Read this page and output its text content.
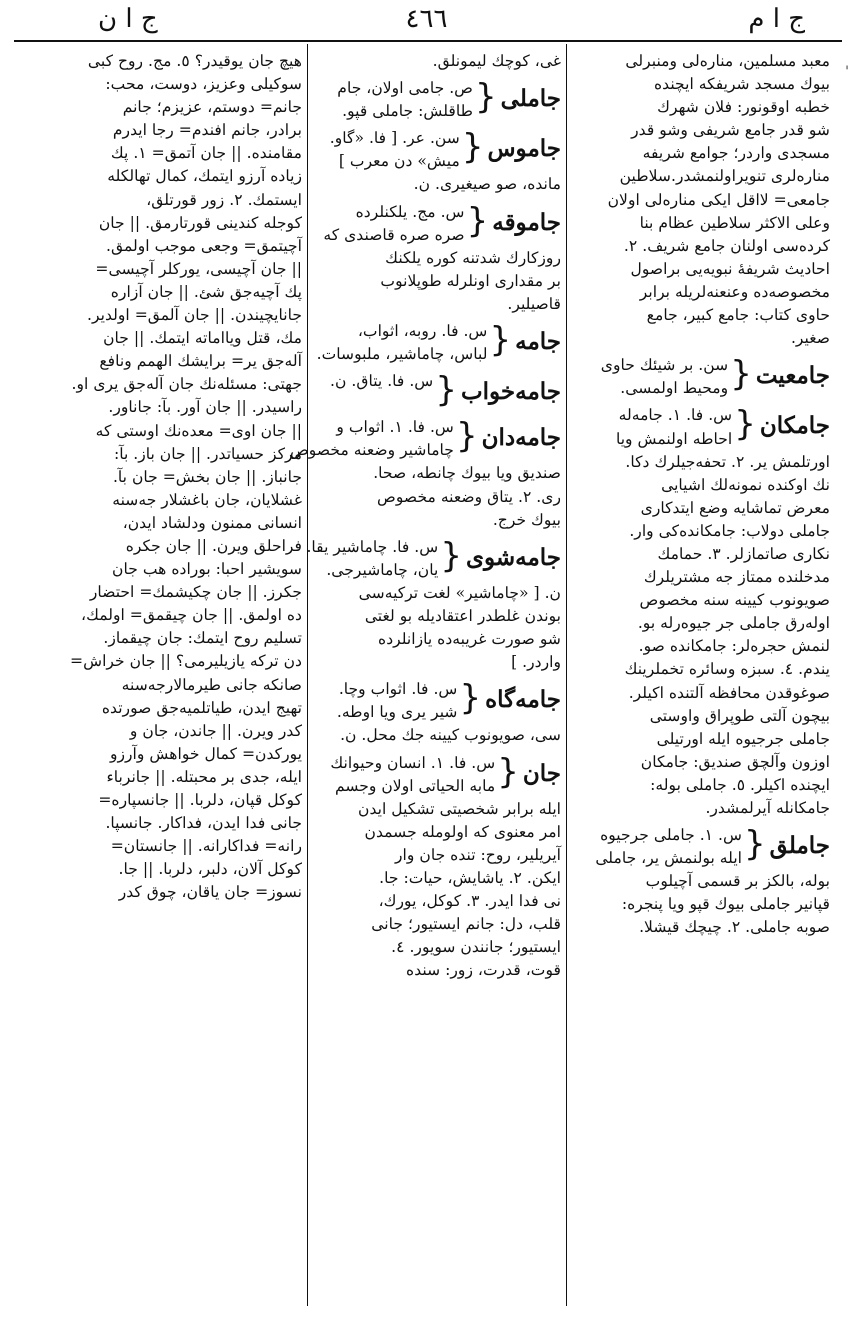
ج ا م
٤٦٦
ج ا ن
'
معبد مسلمین، منارەلی ومنبرلی
بیوك مسجد شریفکە ایچندە
خطبە اوقونور: فلان شهرك
شو قدر جامع شریفی وشو قدر
مسجدی واردر؛ جوامع شریفە
منارەلری تنویراولنمشدر.سلاطین
جامعی= لااقل ایکی منارەلی اولان
وعلی الاکثر سلاطین عظام بنا
کردەسی اولنان جامع شریف. ٢.
احادیث شریفۀ نبویەیی براصول
مخصوصەدە وعنعنەلریلە برابر
حاوی کتاب: جامع کبیر، جامع
صغیر.
جامعیت
{
سن. بر شیئك حاوی
ومحیط اولمسی.
جامکان
{
س. فا. ١. جامەلە
احاطە اولنمش ویا
اورتلمش یر. ٢. تحفەجیلرك دکا.
نك اوکندە نمونەلك اشیایی
معرض تماشایە وضع ایتدکاری
جاملی دولاب: جامکاندەکی وار.
نکاری صاتمازلر. ٣. حمامك
مدخلندە ممتاز جە مشتریلرك
صویونوب کیینە سنە مخصوص
اولەرق جاملی جر جیوەرلە بو.
لنمش حجرەلر: جامکاندە صو.
یندم. ٤. سبزە وسائرە تخملرینك
صوغوقدن محافظە آلتندە اکیلر.
بیچون آلتی طوپراق واوستی
جاملی جرجیوە ایلە اورتیلی
اوزون وآلچق صندیق: جامکان
ایچندە اکیلر. ٥. جاملی بولە:
جامکانلە آیرلمشدر.
جاملق
{
س. ١. جاملی جرجیوە
ایلە بولنمش یر، جاملی
بولە، بالکز بر قسمی آچیلوب
قپانیر جاملی بیوك قپو ویا پنجرە:
صوبە جاملی. ٢. چیچك قیشلا.
غی، کوچك لیمونلق.
جاملی
{
ص. جامی اولان، جام
طاقلش: جاملی قپو.
جاموس
{
سن. عر. [ فا. «گاو.
میش» دن معرب ]
ماندە، صو صیغیری. ن.
جاموقە
{
س. مج. یلکنلردە
صرە صرە قاصندی کە
روزکارك شدتنە کورە یلکنك
بر مقداری اونلرلە طوپلانوب
قاصیلیر.
جامە
{
س. فا. روبە، اثواب،
لباس، چاماشیر، ملبوسات.
جامەخواب
{
س. فا. یتاق. ن.
جامەدان
{
س. فا. ١. اثواب و
چاماشیر وضعنە مخصوص
صندیق ویا بیوك چانطە، صحا.
ری. ٢. یتاق وضعنە مخصوص
بیوك خرج.
جامەشوی
{
س. فا. چاماشیر یقا.
یان، چاماشیرجی.
ن. [ «چاماشیر» لغت ترکیەسی
بوندن غلطدر اعتقادیلە بو لغتی
شو صورت غریبەدە یازانلردە
واردر. ]
جامەگاه
{
س. فا. اثواب وچا.
شیر یری ویا اوطە.
سی، صویونوب کیینە جك محل. ن.
جان
{
س. فا. ١. انسان وحیوانك
مابە الحیاتی اولان وجسم
ایلە برابر شخصیتی تشکیل ایدن
امر معنوی کە اولوملە جسمدن
آیریلیر، روح: تندە جان وار
ایکن. ٢. یاشایش، حیات: جا.
نی فدا ایدر. ٣. کوکل، یورك،
قلب، دل: جانم ایستیور؛ جانی
ایستیور؛ جانندن سویور. ٤.
قوت، قدرت، زور: سندە
هیچ جان یوقیدر؟ ٥. مج. روح کبی
سوکیلی وعزیز، دوست، محب:
جانم= دوستم، عزیزم؛ جانم
برادر، جانم افندم= رجا ایدرم
مقامندە. || جان آتمق= ١. پك
زیادە آرزو ایتمك، کمال تهالکلە
ایستمك. ٢. زور قورتلق،
کوجلە کندینی قورتارمق. || جان
آچیتمق= وجعی موجب اولمق.
|| جان آچیسی، یورکلر آچیسی=
پك آچیەجق شئ. || جان آزارە
جانایچیندن. || جان آلمق= اولدیر.
مك، قتل ویااماتە ایتمك. || جان
آلەجق یر= برایشك الهمم ونافع
جهتی: مسئلەنك جان آلەجق یری او.
راسیدر. || جان آور. بآ: جاناور.
|| جان اوی= معدەنك اوستی کە
مرکز حسیاتدر. || جان باز. بآ:
جانباز. || جان بخش= جان بآ.
غشلایان، جان باغشلار جەسنە
انسانی ممنون ودلشاد ایدن،
فراحلق ویرن. || جان جکرە
سویشیر احبا: بورادە هب جان
جکرز. || جان چکیشمك= احتضار
دە اولمق. || جان چیقمق= اولمك،
تسلیم روح ایتمك: جان چیقماز.
دن ترکە یازیلیرمی؟ || جان خراش=
صانکە جانی طیرمالارجەسنە
تهیج ایدن، طیاتلمیەجق صورتدە
کدر ویرن. || جاندن، جان و
یورکدن= کمال خواهش وآرزو
ایلە، جدی بر محبتلە. || جانرباء
کوکل قپان، دلربا. || جانسپارە=
جانی فدا ایدن، فداکار. جانسپا.
رانە= فداکارانە. || جانستان=
کوکل آلان، دلبر، دلربا. || جا.
نسوز= جان یاقان، چوق کدر
